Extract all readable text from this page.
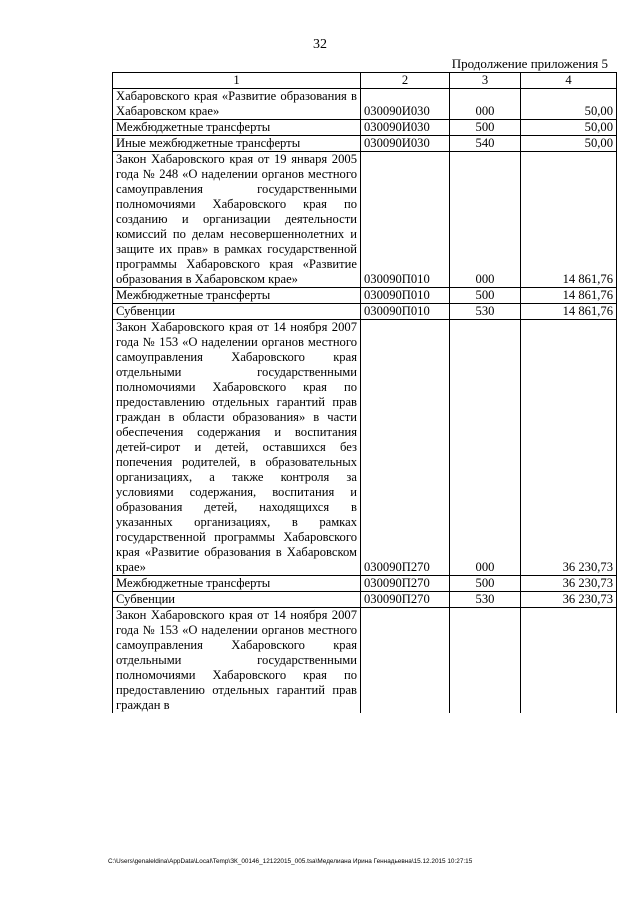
32
Продолжение приложения 5
1	2	3	4
Хабаровского края «Развитие образования в Хабаровском крае»	030090И030	000	50,00
Межбюджетные трансферты	030090И030	500	50,00
Иные межбюджетные трансферты	030090И030	540	50,00
Закон Хабаровского края от 19 января 2005 года № 248 «О наделении органов местного самоуправления государственными полномочиями Хабаровского края по созданию и организации деятельности комиссий по делам несовершеннолетних и защите их прав» в рамках государственной программы Хабаровского края «Развитие образования в Хабаровском крае»	030090П010	000	14 861,76
Межбюджетные трансферты	030090П010	500	14 861,76
Субвенции	030090П010	530	14 861,76
Закон Хабаровского края от 14 ноября 2007 года № 153 «О наделении органов местного самоуправления Хабаровского края отдельными государственными полномочиями Хабаровского края по предоставлению отдельных гарантий прав граждан в области образования» в части обеспечения содержания и воспитания детей-сирот и детей, оставшихся без попечения родителей, в образовательных организациях, а также контроля за условиями содержания, воспитания и образования детей, находящихся в указанных организациях, в рамках государственной программы Хабаровского края «Развитие образования в Хабаровском крае»	030090П270	000	36 230,73
Межбюджетные трансферты	030090П270	500	36 230,73
Субвенции	030090П270	530	36 230,73
Закон Хабаровского края от 14 ноября 2007 года № 153 «О наделении органов местного самоуправления Хабаровского края отдельными государственными полномочиями Хабаровского края по предоставлению отдельных гарантий прав граждан в			
C:\Users\genaleldina\AppData\Local\Temp\ЗК_00146_12122015_005.tsa\Меделиана Ирина Геннадьевна\15.12.2015 10:27:15
